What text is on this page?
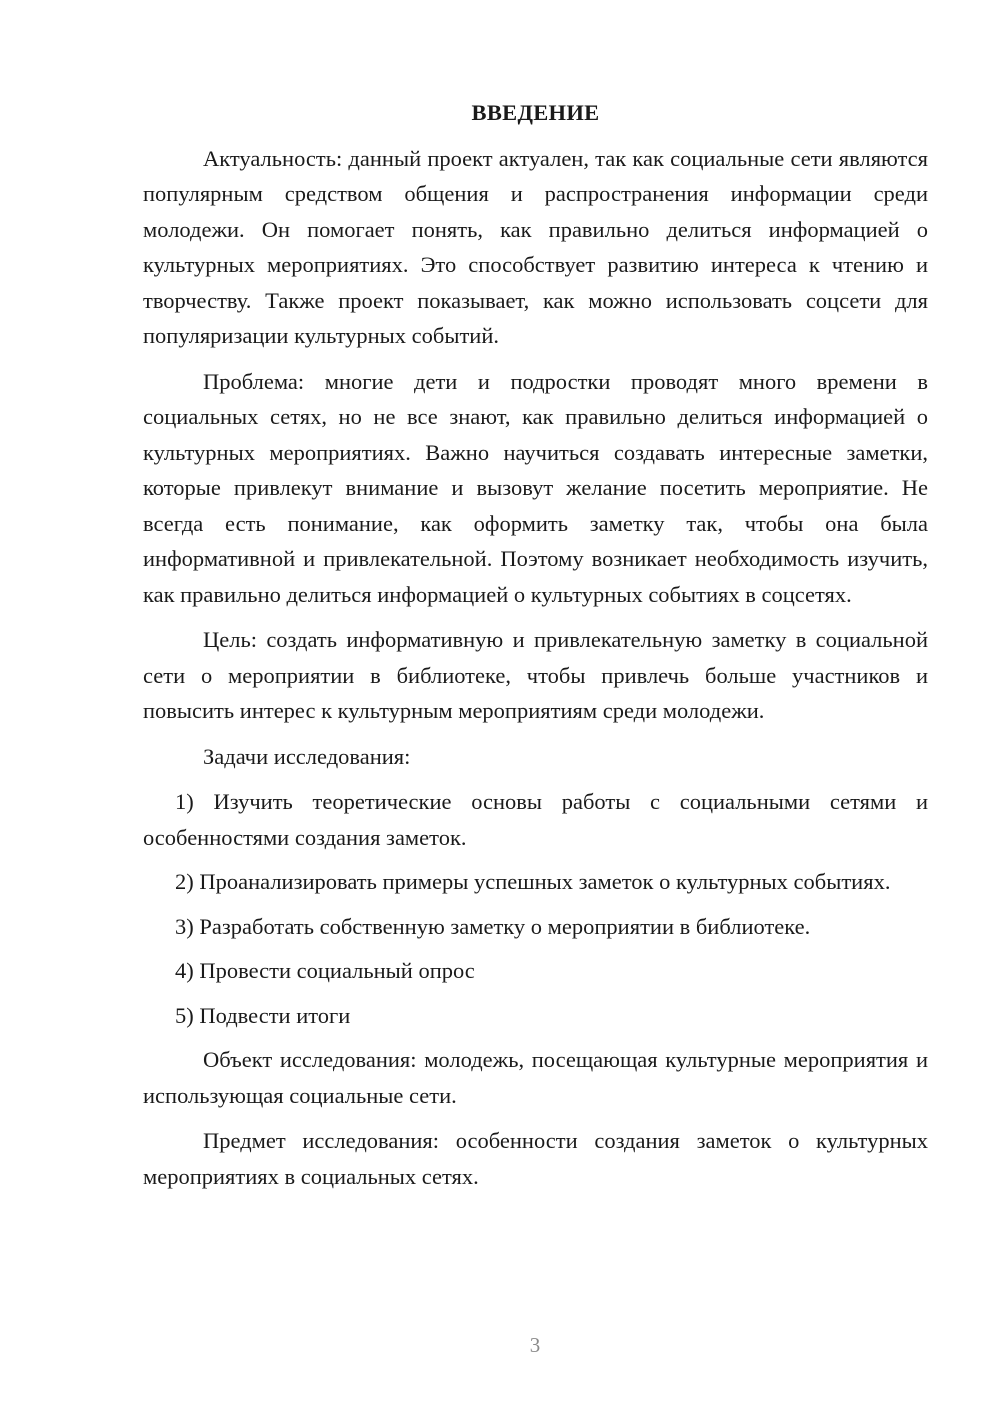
ВВЕДЕНИЕ
Актуальность: данный проект актуален, так как социальные сети являются популярным средством общения и распространения информации среди молодежи. Он помогает понять, как правильно делиться информацией о культурных мероприятиях. Это способствует развитию интереса к чтению и творчеству. Также проект показывает, как можно использовать соцсети для популяризации культурных событий.
Проблема: многие дети и подростки проводят много времени в социальных сетях, но не все знают, как правильно делиться информацией о культурных мероприятиях. Важно научиться создавать интересные заметки, которые привлекут внимание и вызовут желание посетить мероприятие. Не всегда есть понимание, как оформить заметку так, чтобы она была информативной и привлекательной. Поэтому возникает необходимость изучить, как правильно делиться информацией о культурных событиях в соцсетях.
Цель: создать информативную и привлекательную заметку в социальной сети о мероприятии в библиотеке, чтобы привлечь больше участников и повысить интерес к культурным мероприятиям среди молодежи.
Задачи исследования:
1) Изучить теоретические основы работы с социальными сетями и особенностями создания заметок.
2) Проанализировать примеры успешных заметок о культурных событиях.
3) Разработать собственную заметку о мероприятии в библиотеке.
4) Провести социальный опрос
5) Подвести итоги
Объект исследования: молодежь, посещающая культурные мероприятия и использующая социальные сети.
Предмет исследования: особенности создания заметок о культурных мероприятиях в социальных сетях.
3
